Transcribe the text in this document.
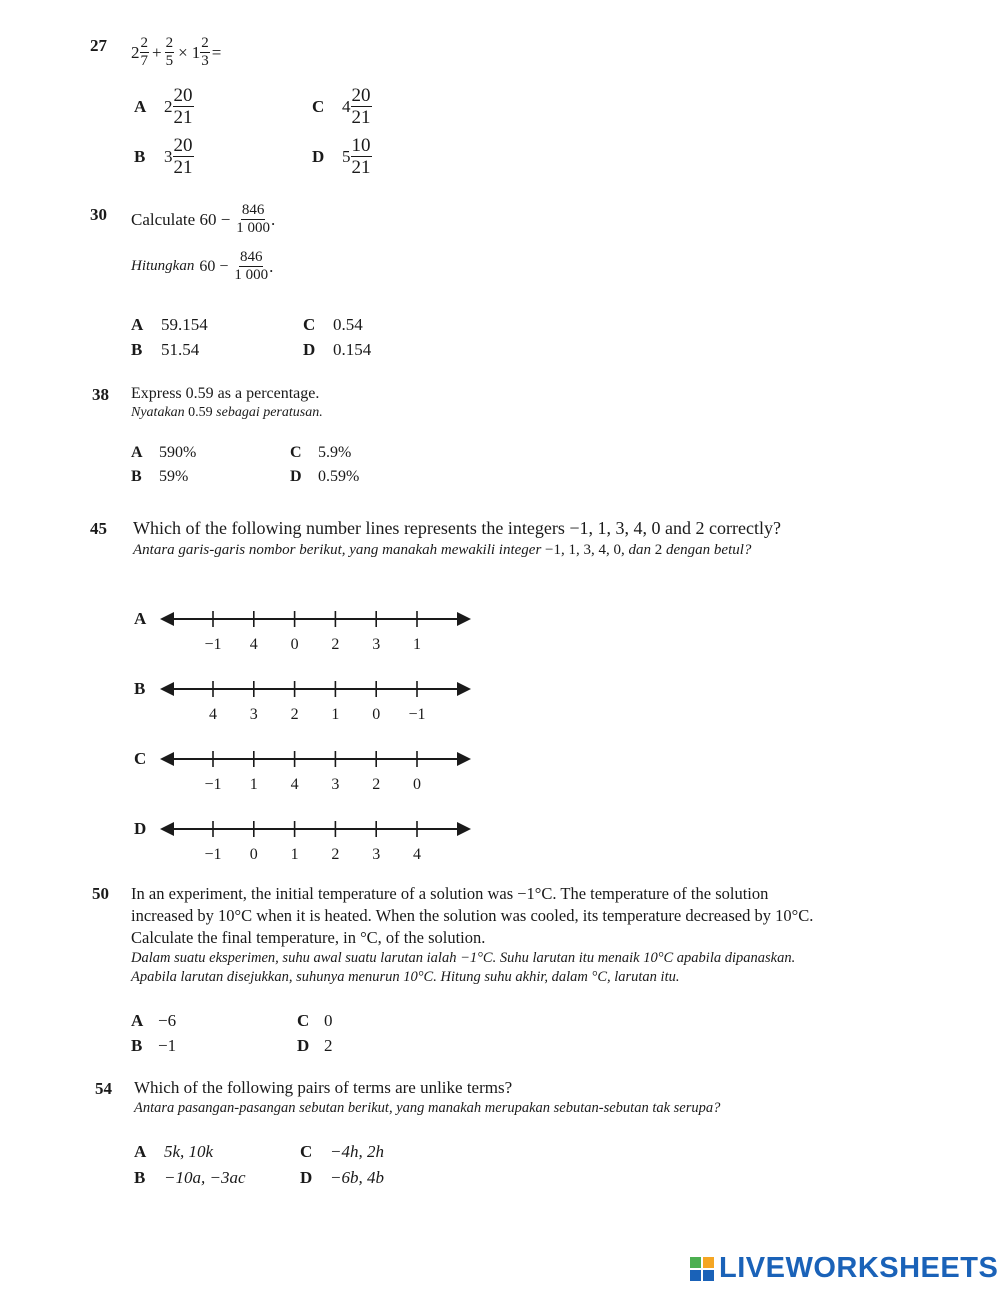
27 $2 \frac{2}{7} + \frac{2}{5} \times 1 \frac{2}{3}$ =
A	$2 \frac{20}{21}$
B	$3 \frac{20}{21}$
C	$4 \frac{20}{21}$
D	$5 \frac{10}{21}$
30 Calculate $60 - \frac{846}{1 000}$ .
Hitungkan $60 - \frac{846}{1 000}$ .
A 59.154
B 51.54
C 0.54
D 0.154
38 Express 0.59 as a percentage.
Nyatakan 0.59 sebagai peratusan.
A 590%
B 59%
C 5.9%
D 0.59%
45 Which of the following number lines represents the integers −1, 1, 3, 4, 0 and 2 correctly?
Antara garis-garis nombor berikut, yang manakah mewakili integer −1, 1, 3, 4, 0, dan 2 dengan betul?
A
B
C
D
−1 4 0 2 3 1
4 3 2 1 0 −1
−1 1 4 3 2 0
−1 0 1 2 3 4
50 In an experiment, the initial temperature of a solution was −1°C. The temperature of the solution
increased by 10°C when it is heated. When the solution was cooled, its temperature decreased by 10°C.
Calculate the final temperature, in °C, of the solution.
Dalam suatu eksperimen, suhu awal suatu larutan ialah −1°C. Suhu larutan itu menaik 10°C apabila dipanaskan.
Apabila larutan disejukkan, suhunya menurun 10°C. Hitung suhu akhir, dalam °C, larutan itu.
A −6
B −1
C 0
D 2
54 Which of the following pairs of terms are unlike terms?
Antara pasangan-pasangan sebutan berikut, yang manakah merupakan sebutan-sebutan tak serupa?
A 5k, 10k
B −10a, −3ac
C −4h, 2h
D −6b, 4b
LIVEWORKSHEETS
